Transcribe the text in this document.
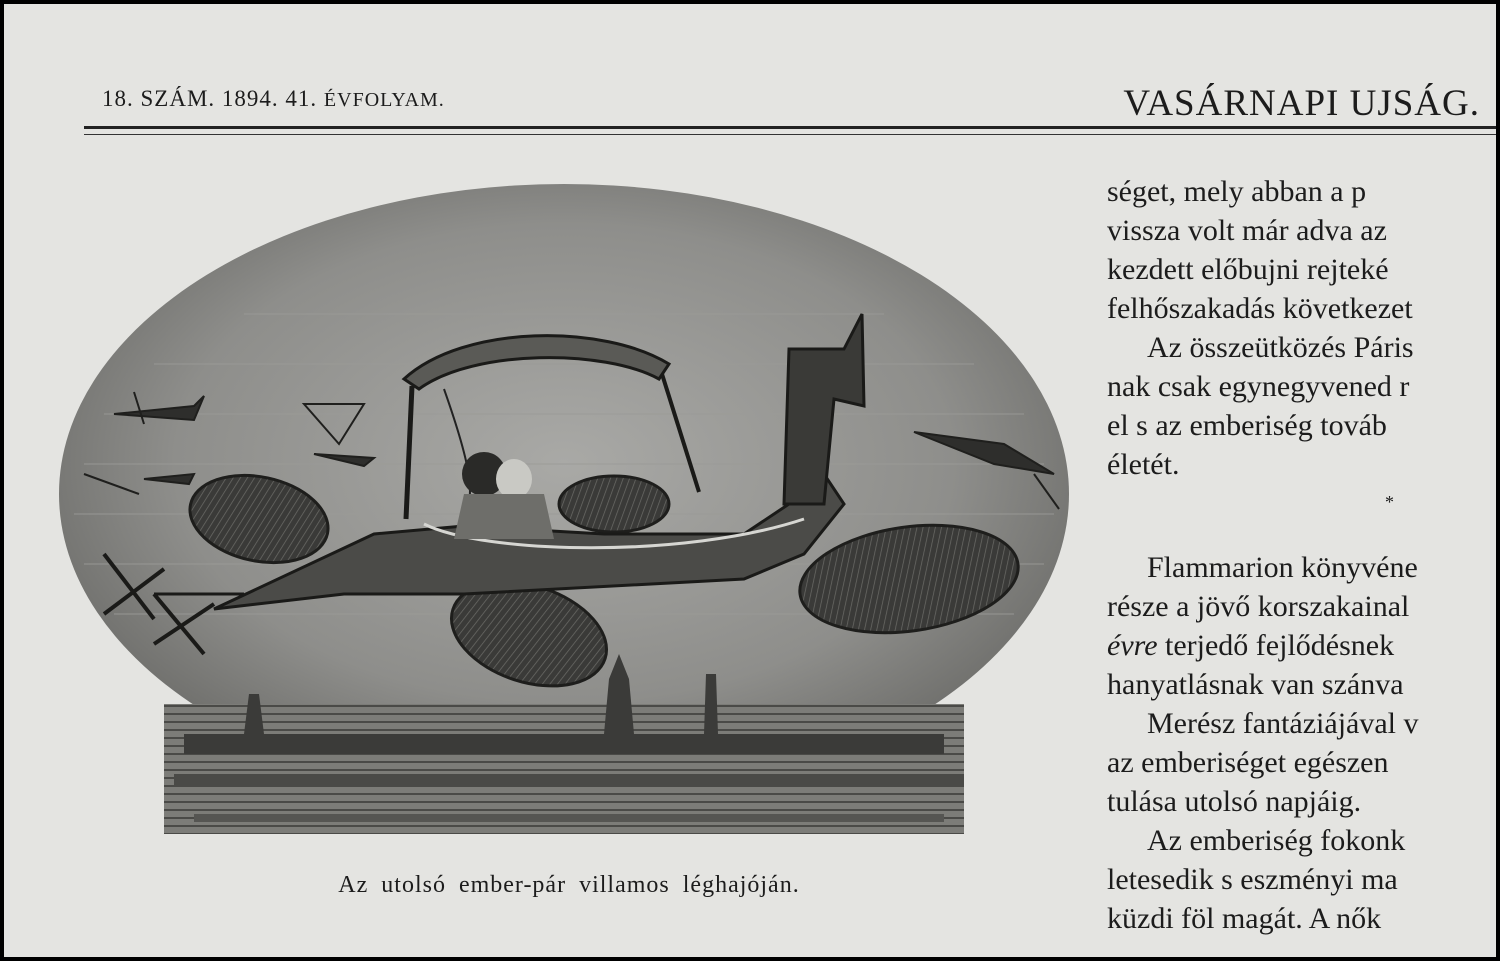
18. SZÁM. 1894. 41. ÉVFOLYAM.	VASÁRNAPI UJSÁG.
Az utolsó ember-pár villamos léghajóján.
séget, mely abban a p
vissza volt már adva az
kezdett előbujni rejteké
felhőszakadás következet
Az összeütközés Páris
nak csak egynegyvened r
el s az emberiség továb
életét.
*
Flammarion könyvéne
része a jövő korszakainal
évre terjedő fejlődésnek
hanyatlásnak van szánva
Merész fantáziájával v
az emberiséget egészen
tulása utolsó napjáig.
Az emberiség fokonk
letesedik s eszményi ma
küzdi föl magát. A nők
